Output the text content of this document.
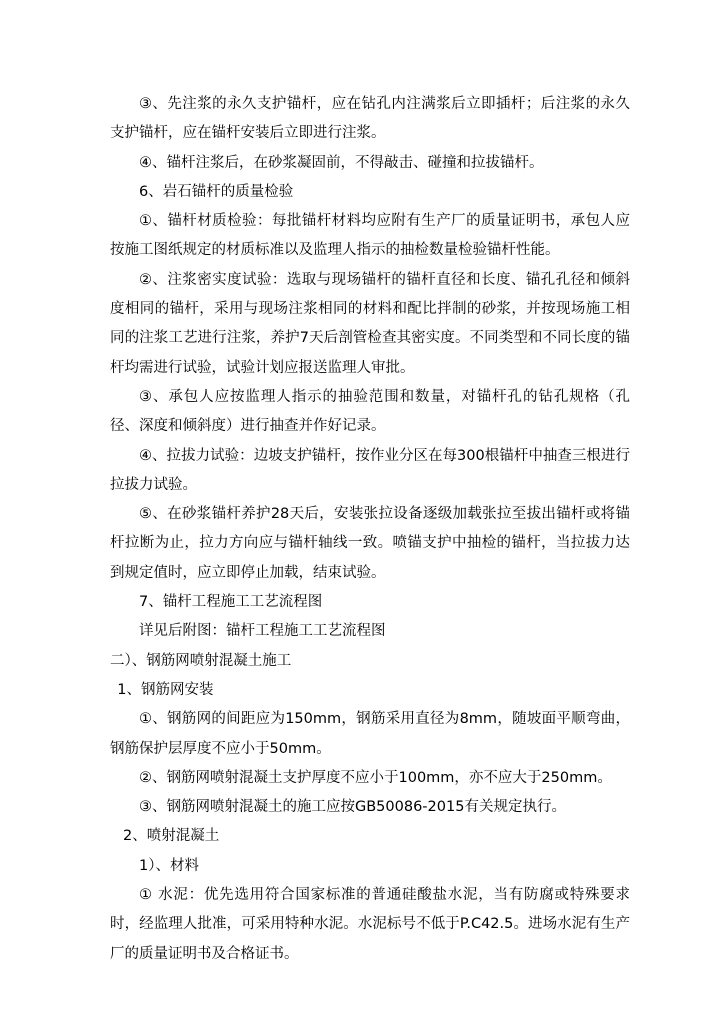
③、先注浆的永久支护锚杆，应在钻孔内注满浆后立即插杆；后注浆的永久支护锚杆，应在锚杆安装后立即进行注浆。

④、锚杆注浆后，在砂浆凝固前，不得敲击、碰撞和拉拔锚杆。

6、岩石锚杆的质量检验

①、锚杆材质检验：每批锚杆材料均应附有生产厂的质量证明书，承包人应按施工图纸规定的材质标准以及监理人指示的抽检数量检验锚杆性能。

②、注浆密实度试验：选取与现场锚杆的锚杆直径和长度、锚孔孔径和倾斜度相同的锚杆，采用与现场注浆相同的材料和配比拌制的砂浆，并按现场施工相同的注浆工艺进行注浆，养护7天后剖管检查其密实度。不同类型和不同长度的锚杆均需进行试验，试验计划应报送监理人审批。

③、承包人应按监理人指示的抽验范围和数量，对锚杆孔的钻孔规格（孔径、深度和倾斜度）进行抽查并作好记录。

④、拉拔力试验：边坡支护锚杆，按作业分区在每300根锚杆中抽查三根进行拉拔力试验。

⑤、在砂浆锚杆养护28天后，安装张拉设备逐级加载张拉至拔出锚杆或将锚杆拉断为止，拉力方向应与锚杆轴线一致。喷锚支护中抽检的锚杆，当拉拔力达到规定值时，应立即停止加载，结束试验。

7、锚杆工程施工工艺流程图

详见后附图：锚杆工程施工工艺流程图

二）、钢筋网喷射混凝土施工

1、钢筋网安装

①、钢筋网的间距应为150mm，钢筋采用直径为8mm，随坡面平顺弯曲，钢筋保护层厚度不应小于50mm。

②、钢筋网喷射混凝土支护厚度不应小于100mm，亦不应大于250mm。

③、钢筋网喷射混凝土的施工应按GB50086-2015有关规定执行。

2、喷射混凝土

1）、材料

① 水泥：优先选用符合国家标准的普通硅酸盐水泥，当有防腐或特殊要求时，经监理人批准，可采用特种水泥。水泥标号不低于P.C42.5。进场水泥有生产厂的质量证明书及合格证书。
